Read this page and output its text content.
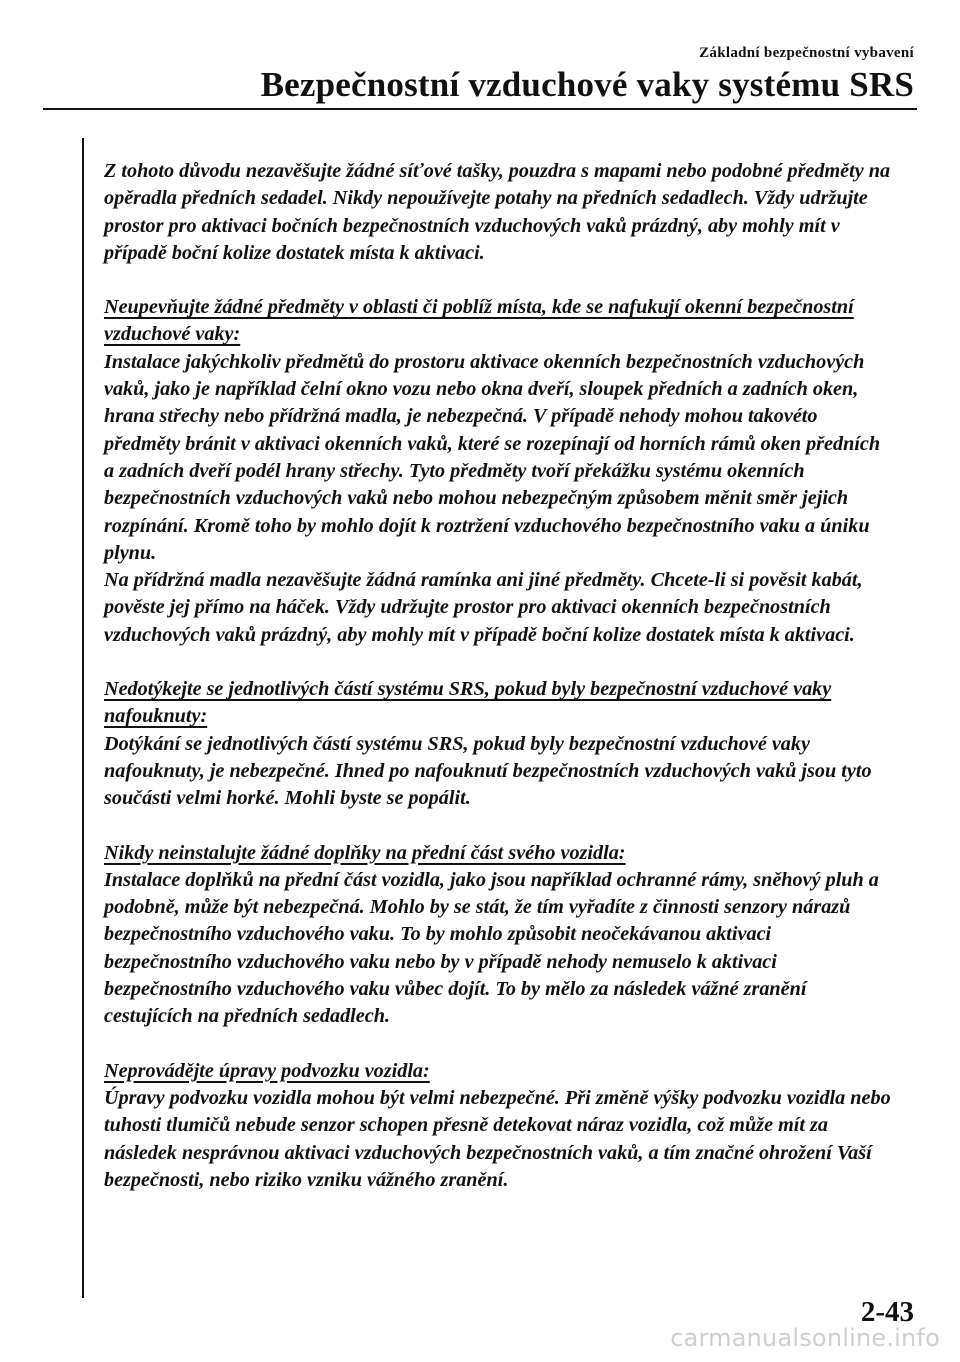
Základní bezpečnostní vybavení
Bezpečnostní vzduchové vaky systému SRS

Z tohoto důvodu nezavěšujte žádné síťové tašky, pouzdra s mapami nebo podobné předměty na opěradla předních sedadel. Nikdy nepoužívejte potahy na předních sedadlech. Vždy udržujte prostor pro aktivaci bočních bezpečnostních vzduchových vaků prázdný, aby mohly mít v případě boční kolize dostatek místa k aktivaci.

Neupevňujte žádné předměty v oblasti či poblíž místa, kde se nafukují okenní bezpečnostní vzduchové vaky:

Instalace jakýchkoliv předmětů do prostoru aktivace okenních bezpečnostních vzduchových vaků, jako je například čelní okno vozu nebo okna dveří, sloupek předních a zadních oken, hrana střechy nebo přídržná madla, je nebezpečná. V případě nehody mohou takovéto předměty bránit v aktivaci okenních vaků, které se rozepínají od horních rámů oken předních a zadních dveří podél hrany střechy. Tyto předměty tvoří překážku systému okenních bezpečnostních vzduchových vaků nebo mohou nebezpečným způsobem měnit směr jejich rozpínání. Kromě toho by mohlo dojít k roztržení vzduchového bezpečnostního vaku a úniku plynu.

Na přídržná madla nezavěšujte žádná ramínka ani jiné předměty. Chcete-li si pověsit kabát, pověste jej přímo na háček. Vždy udržujte prostor pro aktivaci okenních bezpečnostních vzduchových vaků prázdný, aby mohly mít v případě boční kolize dostatek místa k aktivaci.

Nedotýkejte se jednotlivých částí systému SRS, pokud byly bezpečnostní vzduchové vaky nafouknuty:

Dotýkání se jednotlivých částí systému SRS, pokud byly bezpečnostní vzduchové vaky nafouknuty, je nebezpečné. Ihned po nafouknutí bezpečnostních vzduchových vaků jsou tyto součásti velmi horké. Mohli byste se popálit.

Nikdy neinstalujte žádné doplňky na přední část svého vozidla:

Instalace doplňků na přední část vozidla, jako jsou například ochranné rámy, sněhový pluh a podobně, může být nebezpečná. Mohlo by se stát, že tím vyřadíte z činnosti senzory nárazů bezpečnostního vzduchového vaku. To by mohlo způsobit neočekávanou aktivaci bezpečnostního vzduchového vaku nebo by v případě nehody nemuselo k aktivaci bezpečnostního vzduchového vaku vůbec dojít. To by mělo za následek vážné zranění cestujících na předních sedadlech.

Neprovádějte úpravy podvozku vozidla:

Úpravy podvozku vozidla mohou být velmi nebezpečné. Při změně výšky podvozku vozidla nebo tuhosti tlumičů nebude senzor schopen přesně detekovat náraz vozidla, což může mít za následek nesprávnou aktivaci vzduchových bezpečnostních vaků, a tím značné ohrožení Vaší bezpečnosti, nebo riziko vzniku vážného zranění.

2-43
carmanualsonline.info
